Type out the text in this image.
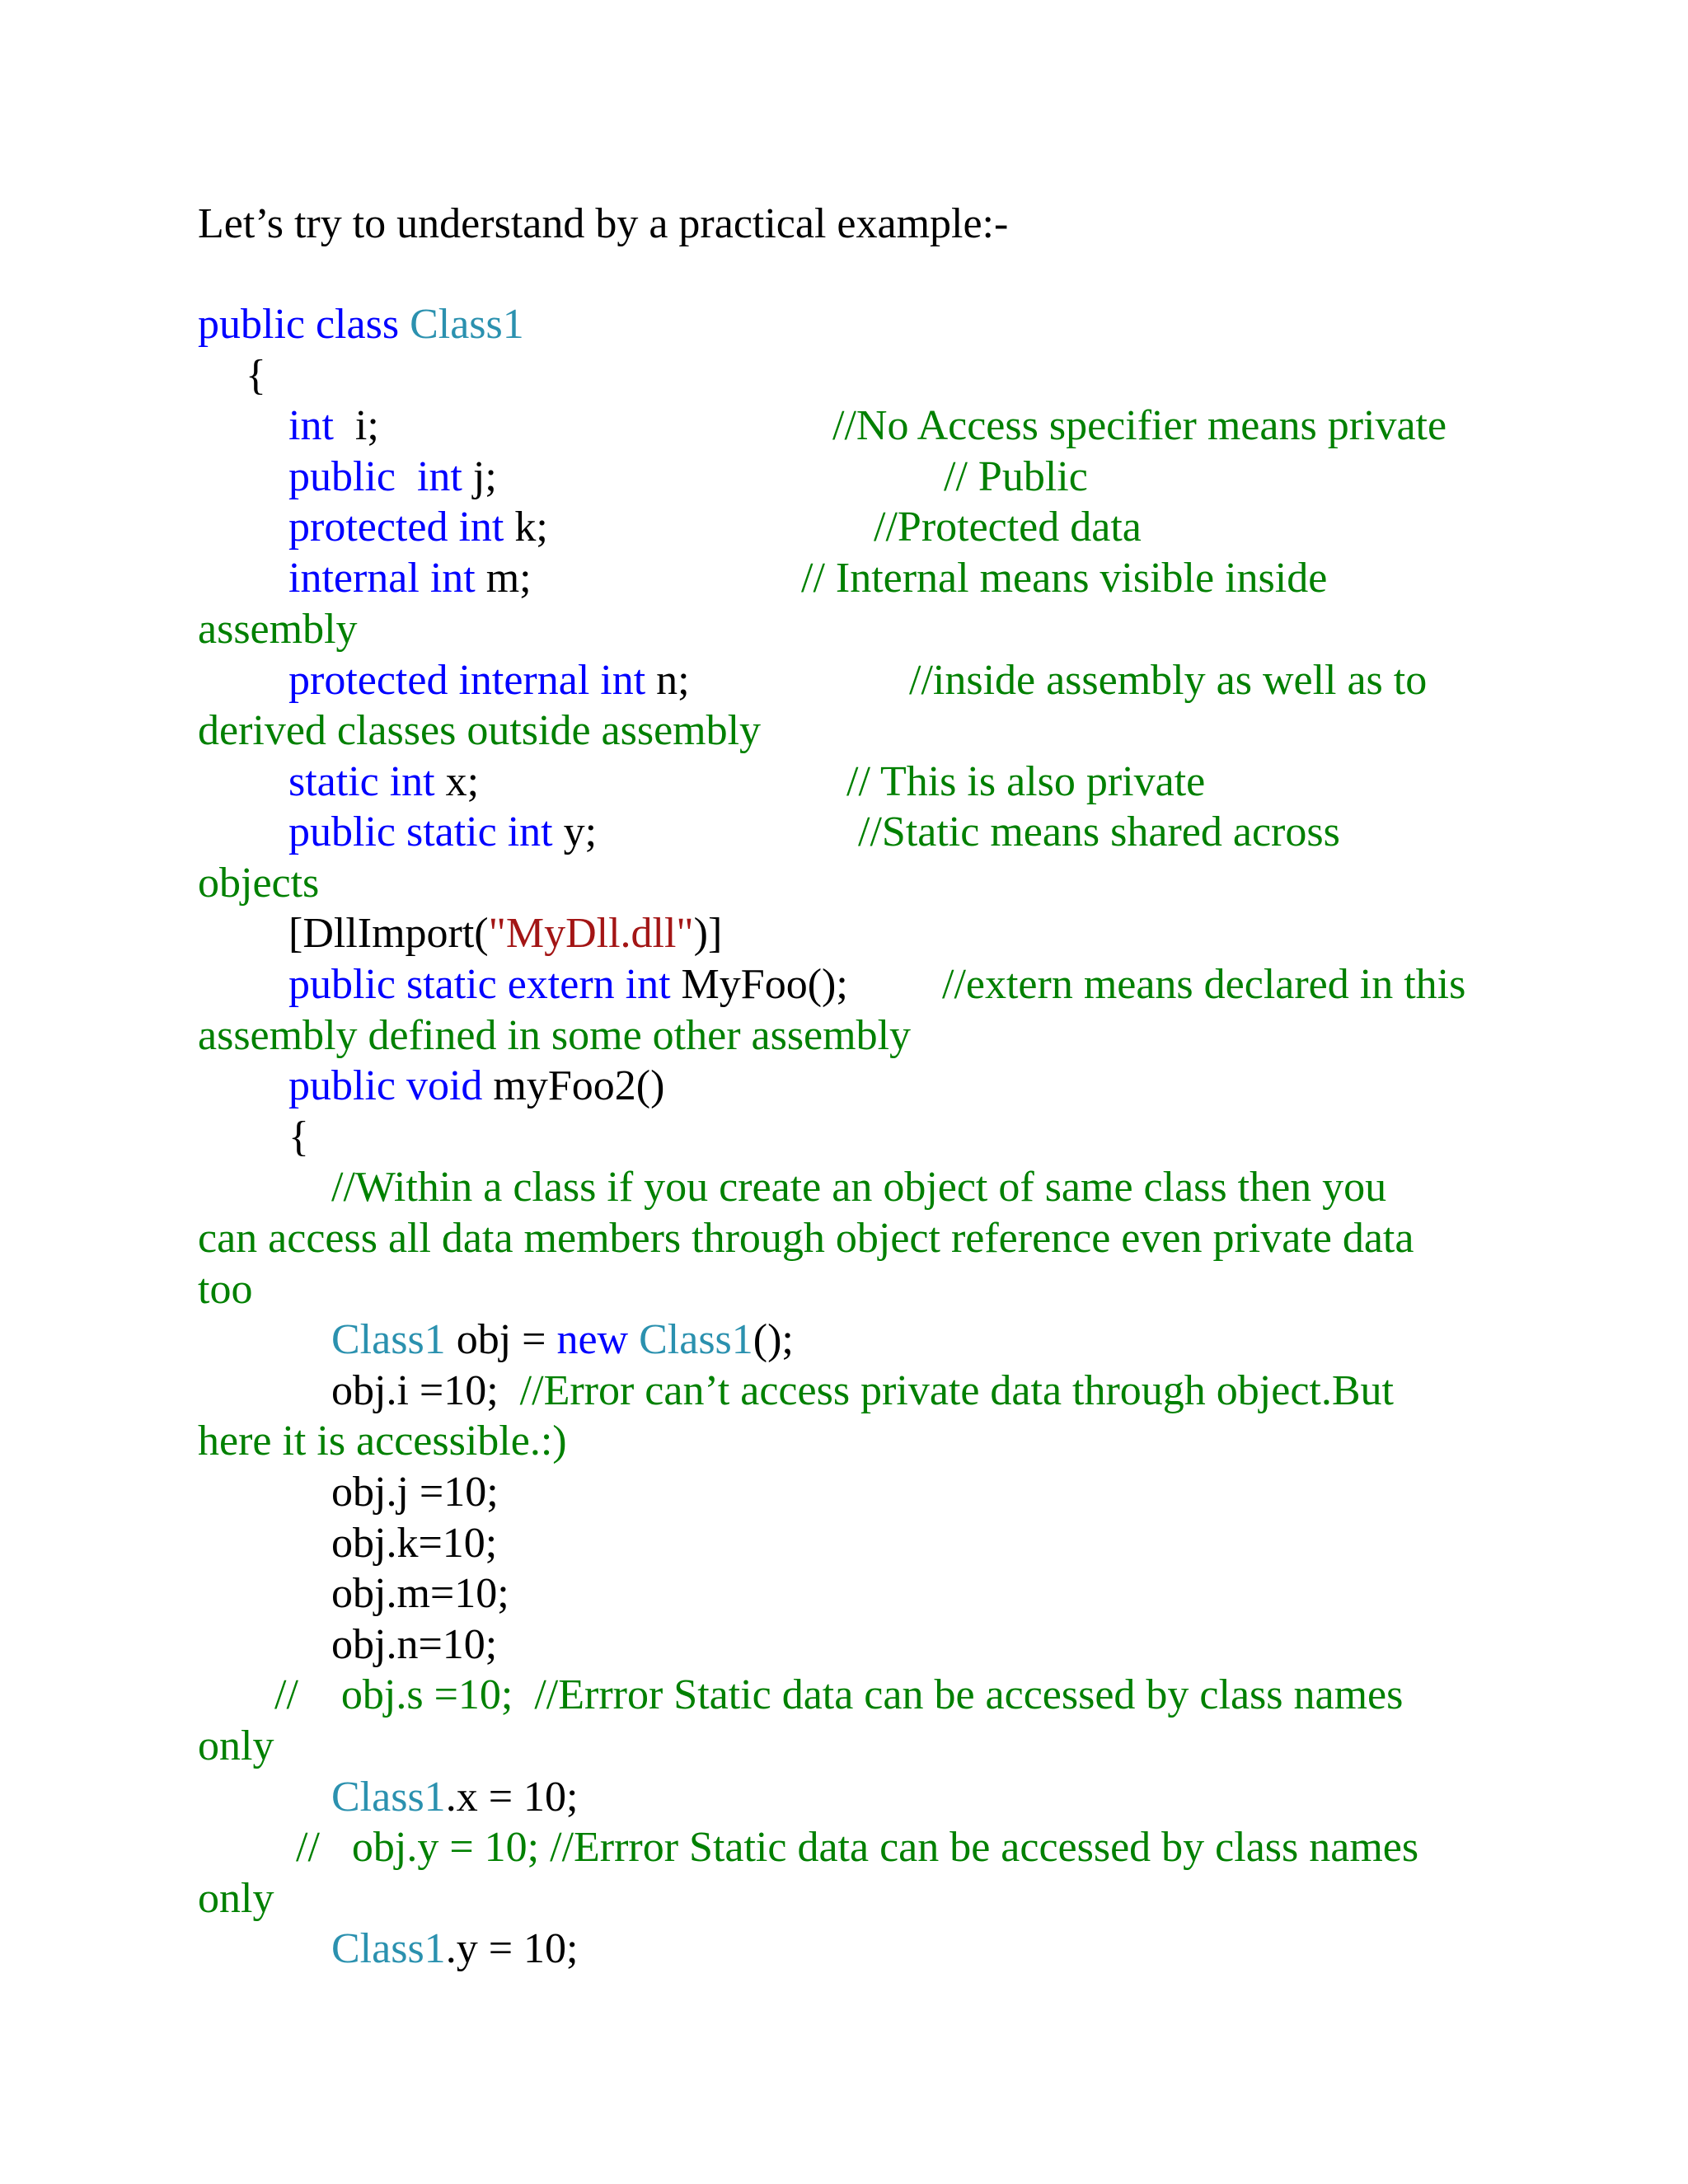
Let’s try to understand by a practical example:-
public class Class1
{
int  i;	//No Access specifier means private
public  int j;	// Public
protected int k;	//Protected data
internal int m;	// Internal means visible inside
assembly
protected internal int n;	//inside assembly as well as to
derived classes outside assembly
static int x;	// This is also private
public static int y;	//Static means shared across
objects
[DllImport("MyDll.dll")]
public static extern int MyFoo(); //extern means declared in this
assembly defined in some other assembly
public void myFoo2()
{
//Within a class if you create an object of same class then you
can access all data members through object reference even private data
too
Class1 obj = new Class1();
obj.i =10;  //Error can’t access private data through object.But
here it is accessible.:)
obj.j =10;
obj.k=10;
obj.m=10;
obj.n=10;
//    obj.s =10;  //Errror Static data can be accessed by class names
only
Class1.x = 10;
//   obj.y = 10; //Errror Static data can be accessed by class names
only
Class1.y = 10;
